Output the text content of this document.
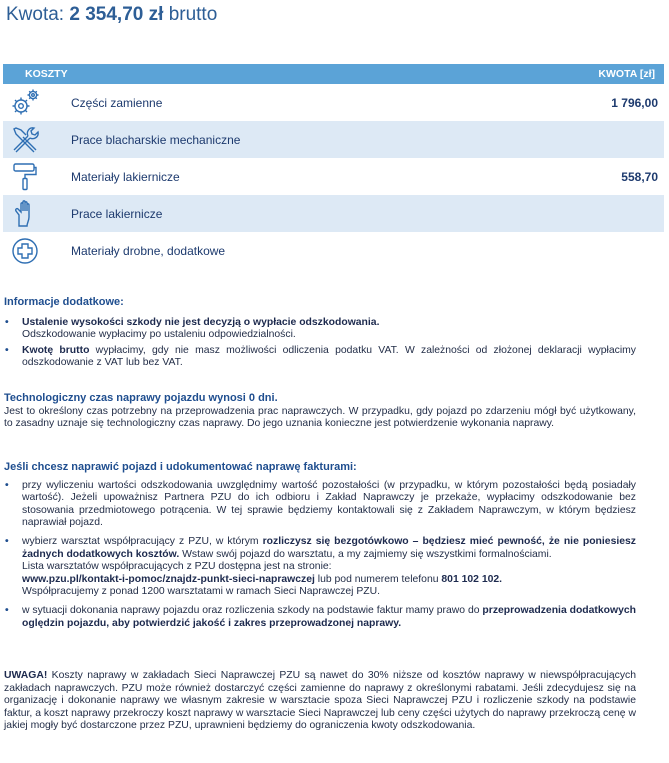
Kwota: 2 354,70 zł brutto
KOSZTY	KWOTA [zł]
Części zamienne	1 796,00
Prace blacharskie mechaniczne
Materiały lakiernicze	558,70
Prace lakiernicze
Materiały drobne, dodatkowe
Informacje dodatkowe:
• Ustalenie wysokości szkody nie jest decyzją o wypłacie odszkodowania.
Odszkodowanie wypłacimy po ustaleniu odpowiedzialności.
• Kwotę brutto wypłacimy, gdy nie masz możliwości odliczenia podatku VAT. W zależności od złożonej deklaracji wypłacimy odszkodowanie z VAT lub bez VAT.
Technologiczny czas naprawy pojazdu wynosi 0 dni.
Jest to określony czas potrzebny na przeprowadzenia prac naprawczych. W przypadku, gdy pojazd po zdarzeniu mógł być użytkowany, to zasadny uznaje się technologiczny czas naprawy. Do jego uznania konieczne jest potwierdzenie wykonania naprawy.
Jeśli chcesz naprawić pojazd i udokumentować naprawę fakturami:
• przy wyliczeniu wartości odszkodowania uwzględnimy wartość pozostałości (w przypadku, w którym pozostałości będą posiadały wartość). Jeżeli upoważnisz Partnera PZU do ich odbioru i Zakład Naprawczy je przekaże, wypłacimy odszkodowanie bez stosowania przedmiotowego potrącenia. W tej sprawie będziemy kontaktowali się z Zakładem Naprawczym, w którym będziesz naprawiał pojazd.
• wybierz warsztat współpracujący z PZU, w którym rozliczysz się bezgotówkowo – będziesz mieć pewność, że nie poniesiesz żadnych dodatkowych kosztów. Wstaw swój pojazd do warsztatu, a my zajmiemy się wszystkimi formalnościami.
Lista warsztatów współpracujących z PZU dostępna jest na stronie:
www.pzu.pl/kontakt-i-pomoc/znajdz-punkt-sieci-naprawczej lub pod numerem telefonu 801 102 102.
Współpracujemy z ponad 1200 warsztatami w ramach Sieci Naprawczej PZU.
• w sytuacji dokonania naprawy pojazdu oraz rozliczenia szkody na podstawie faktur mamy prawo do przeprowadzenia dodatkowych oględzin pojazdu, aby potwierdzić jakość i zakres przeprowadzonej naprawy.
UWAGA! Koszty naprawy w zakładach Sieci Naprawczej PZU są nawet do 30% niższe od kosztów naprawy w niewspółpracujących zakładach naprawczych. PZU może również dostarczyć części zamienne do naprawy z określonymi rabatami. Jeśli zdecydujesz się na organizację i dokonanie naprawy we własnym zakresie w warsztacie spoza Sieci Naprawczej PZU i rozliczenie szkody na podstawie faktur, a koszt naprawy przekroczy koszt naprawy w warsztacie Sieci Naprawczej lub ceny części użytych do naprawy przekroczą cenę w jakiej mogły być dostarczone przez PZU, uprawnieni będziemy do ograniczenia kwoty odszkodowania.
